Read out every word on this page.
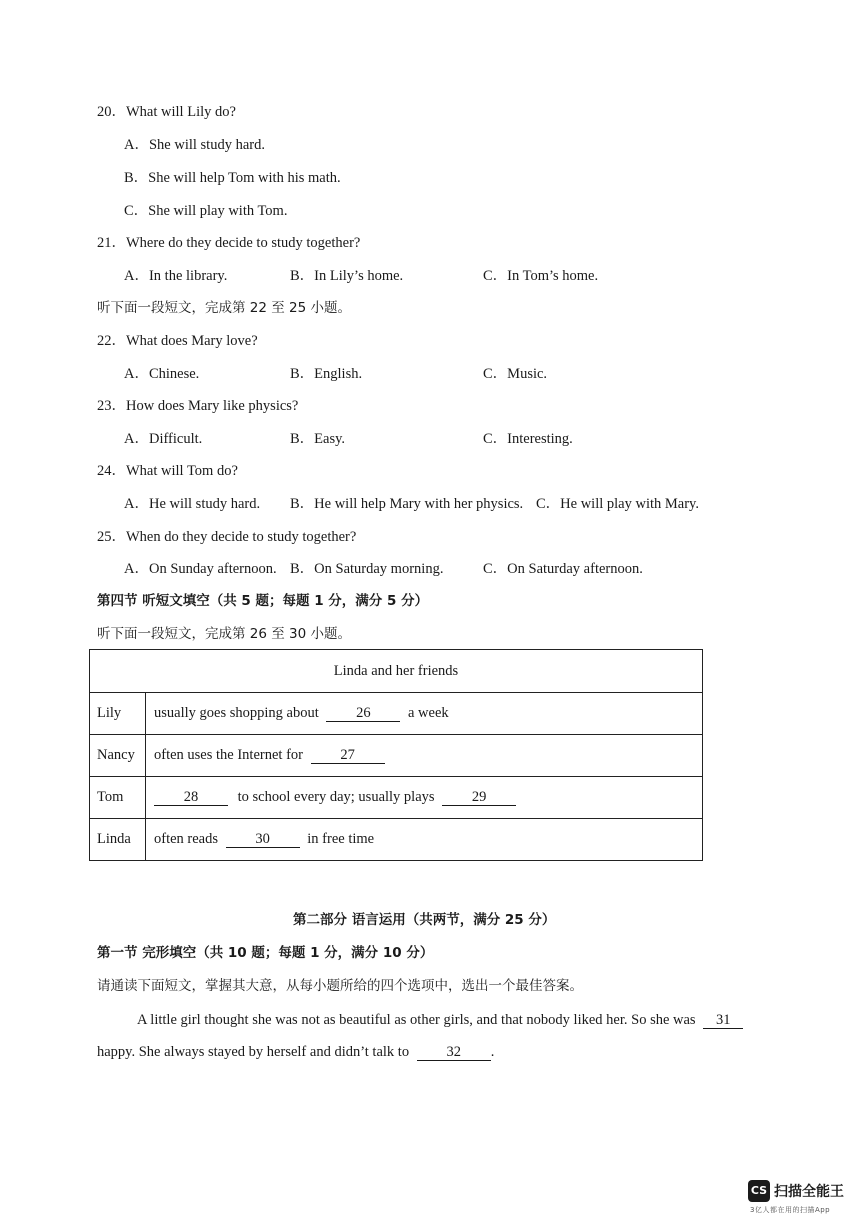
20．What will Lily do?
A．She will study hard.
B．She will help Tom with his math.
C．She will play with Tom.
21．Where do they decide to study together?
A．In the library.	B．In Lily’s home.	C．In Tom’s home.
听下面一段短文，完成第 22 至 25 小题。
22．What does Mary love?
A．Chinese.	B．English.	C．Music.
23．How does Mary like physics?
A．Difficult.	B．Easy.	C．Interesting.
24．What will Tom do?
A．He will study hard. B．He will help Mary with her physics. C．He will play with Mary.
25．When do they decide to study together?
A．On Sunday afternoon. B．On Saturday morning.	C．On Saturday afternoon.
第四节 听短文填空（共 5 题；每题 1 分，满分 5 分）
听下面一段短文，完成第 26 至 30 小题。
Linda and her friends	
Lily	usually goes shopping about 26 a week
Nancy	often uses the Internet for 27
Tom	28 to school every day; usually plays 29
Linda	often reads 30 in free time
第二部分 语言运用（共两节，满分 25 分）
第一节 完形填空（共 10 题；每题 1 分，满分 10 分）
请通读下面短文，掌握其大意，从每小题所给的四个选项中，选出一个最佳答案。
A little girl thought she was not as beautiful as other girls, and that nobody liked her. So she was 31
happy. She always stayed by herself and didn’t talk to	32 .
CS 扫描全能王
3亿人都在用的扫描App
